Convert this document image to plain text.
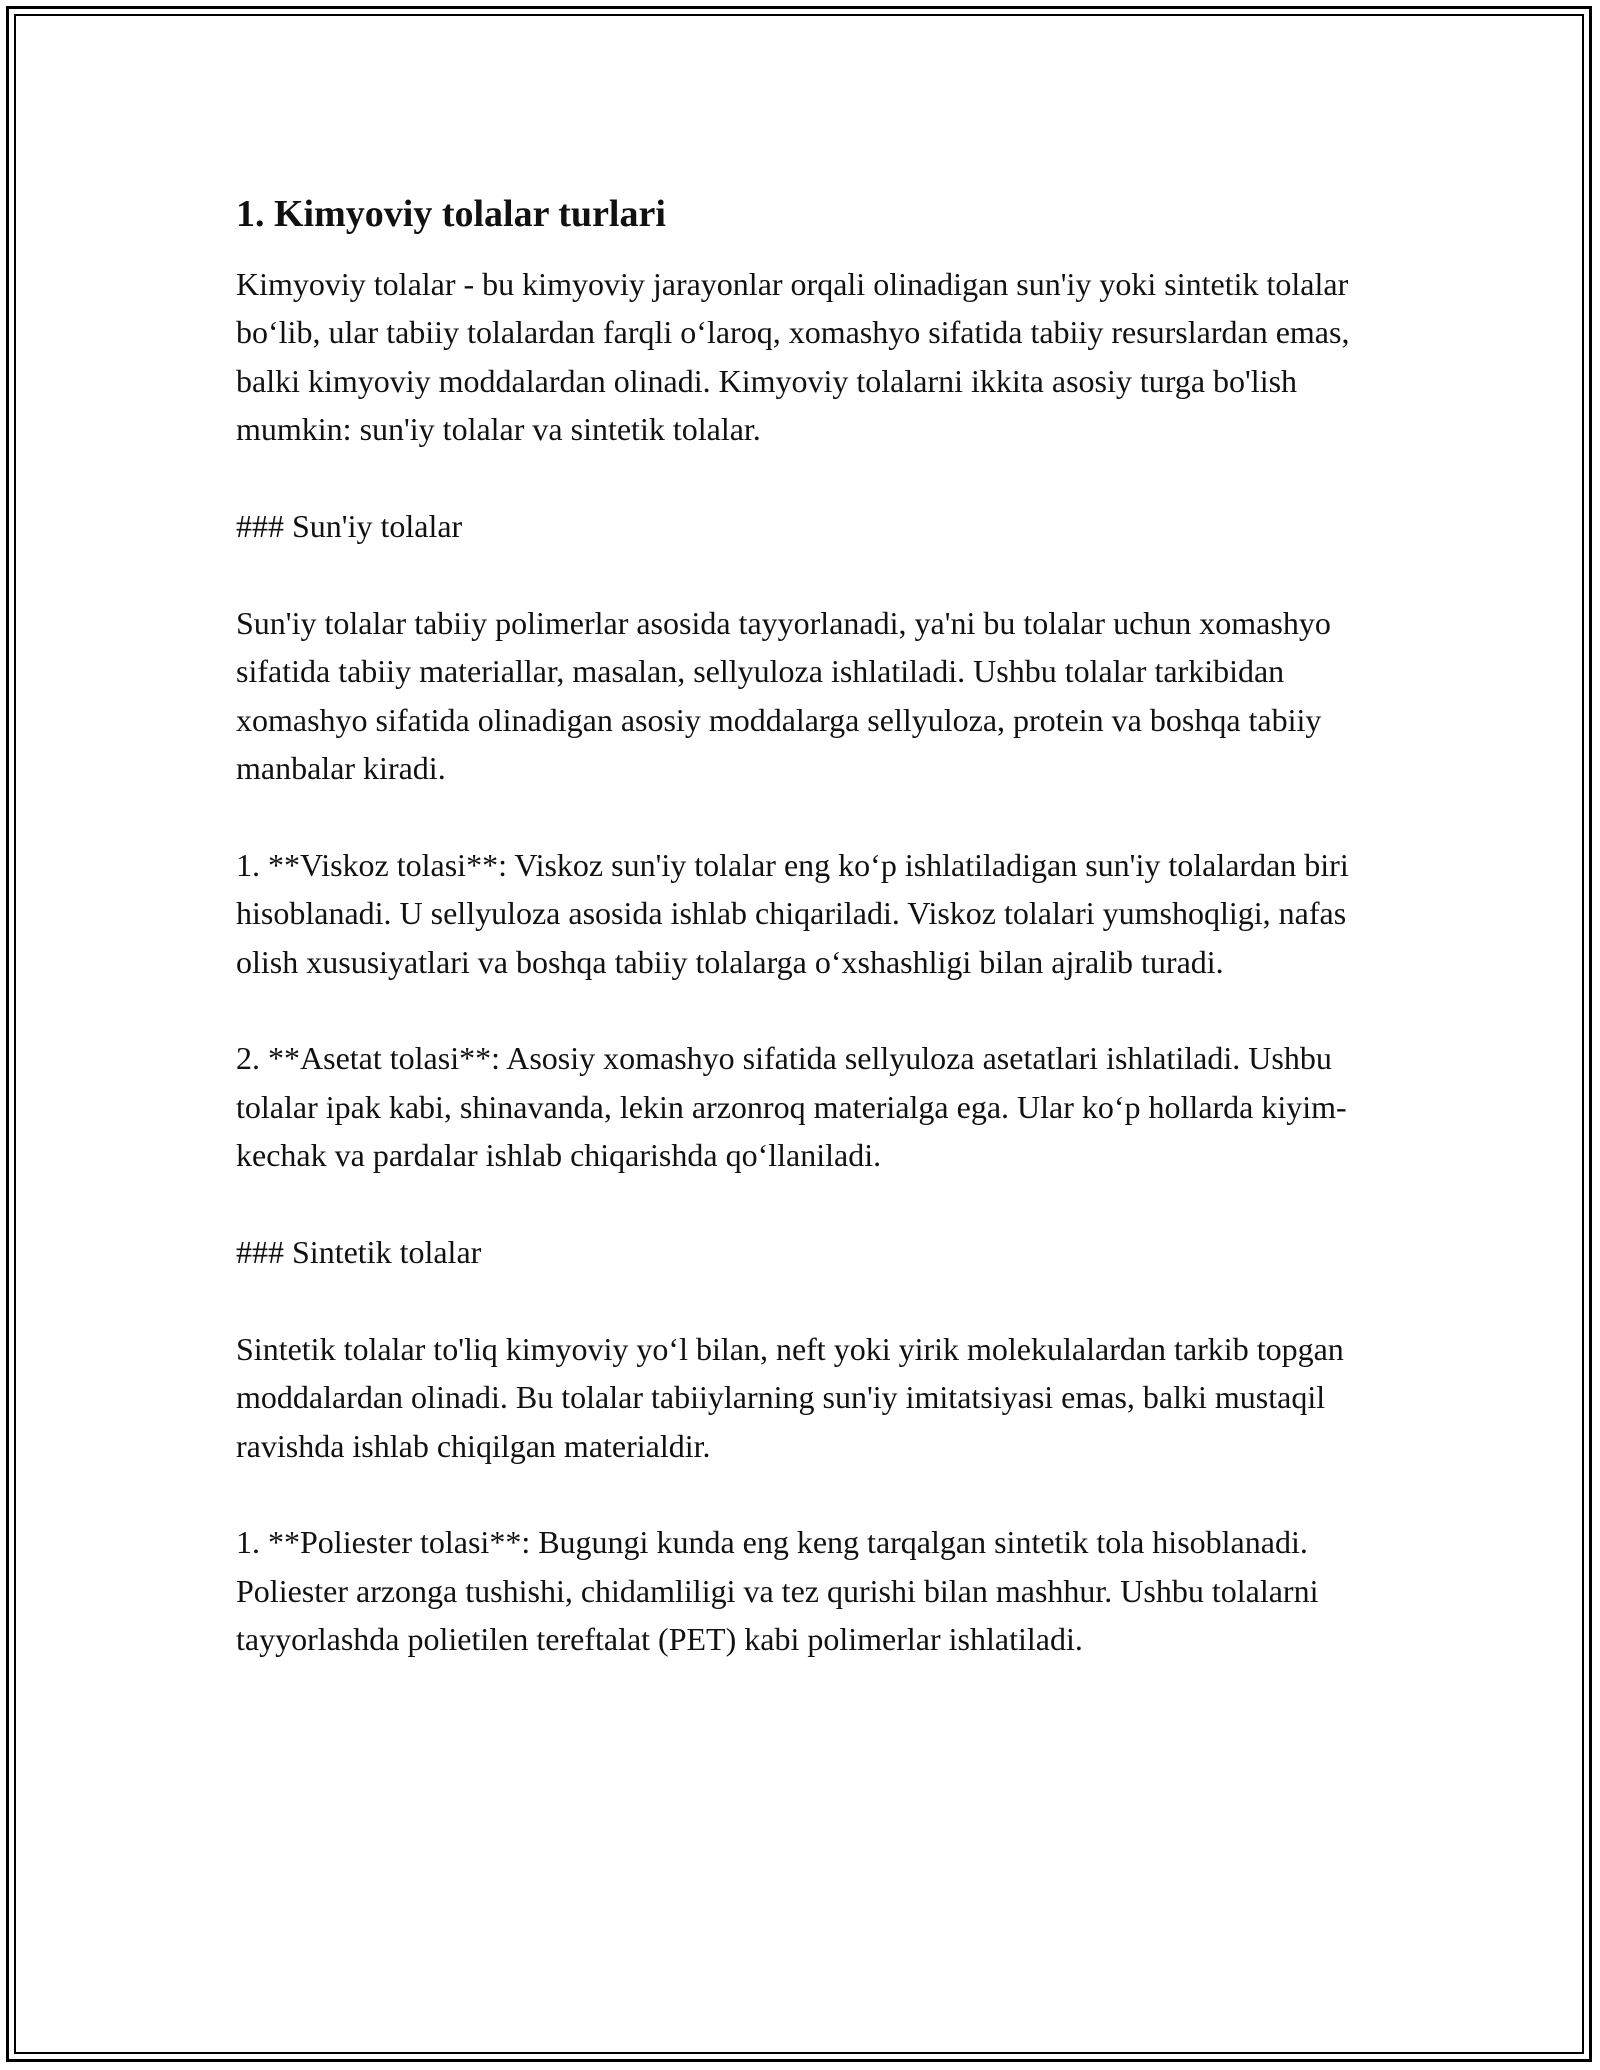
1. Kimyoviy tolalar turlari

Kimyoviy tolalar - bu kimyoviy jarayonlar orqali olinadigan sun'iy yoki sintetik tolalar bo‘lib, ular tabiiy tolalardan farqli o‘laroq, xomashyo sifatida tabiiy resurslardan emas, balki kimyoviy moddalardan olinadi. Kimyoviy tolalarni ikkita asosiy turga bo'lish mumkin: sun'iy tolalar va sintetik tolalar.

### Sun'iy tolalar

Sun'iy tolalar tabiiy polimerlar asosida tayyorlanadi, ya'ni bu tolalar uchun xomashyo sifatida tabiiy materiallar, masalan, sellyuloza ishlatiladi. Ushbu tolalar tarkibidan xomashyo sifatida olinadigan asosiy moddalarga sellyuloza, protein va boshqa tabiiy manbalar kiradi.

1. **Viskoz tolasi**: Viskoz sun'iy tolalar eng ko‘p ishlatiladigan sun'iy tolalardan biri hisoblanadi. U sellyuloza asosida ishlab chiqariladi. Viskoz tolalari yumshoqligi, nafas olish xususiyatlari va boshqa tabiiy tolalarga o‘xshashligi bilan ajralib turadi.

2. **Asetat tolasi**: Asosiy xomashyo sifatida sellyuloza asetatlari ishlatiladi. Ushbu tolalar ipak kabi, shinavanda, lekin arzonroq materialga ega. Ular ko‘p hollarda kiyim-kechak va pardalar ishlab chiqarishda qo‘llaniladi.

### Sintetik tolalar

Sintetik tolalar to'liq kimyoviy yo‘l bilan, neft yoki yirik molekulalardan tarkib topgan moddalardan olinadi. Bu tolalar tabiiylarning sun'iy imitatsiyasi emas, balki mustaqil ravishda ishlab chiqilgan materialdir.

1. **Poliester tolasi**: Bugungi kunda eng keng tarqalgan sintetik tola hisoblanadi. Poliester arzonga tushishi, chidamliligi va tez qurishi bilan mashhur. Ushbu tolalarni tayyorlashda polietilen tereftalat (PET) kabi polimerlar ishlatiladi.
